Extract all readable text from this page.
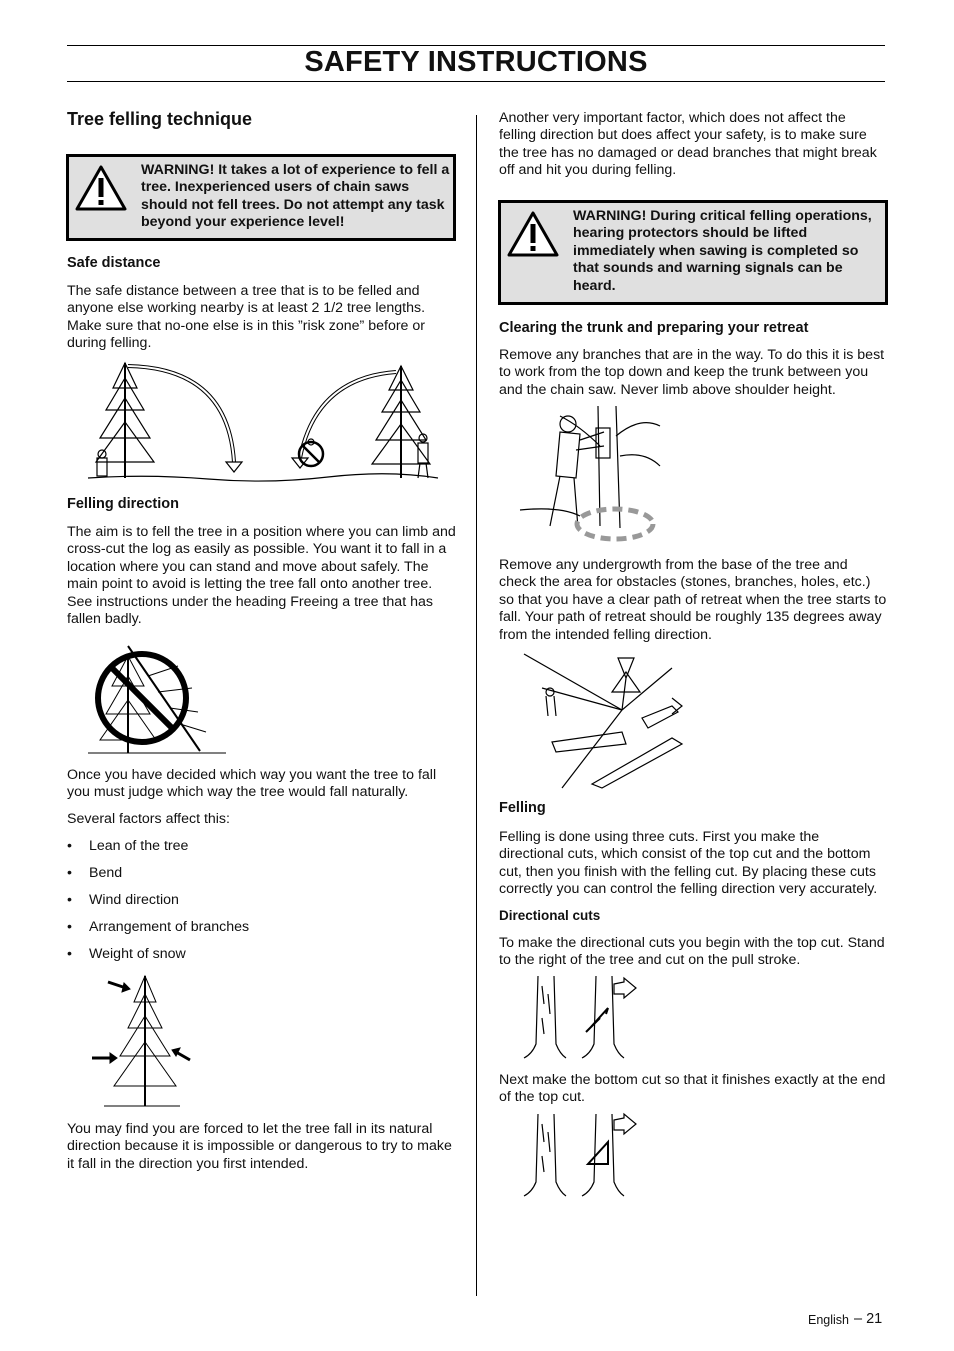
SAFETY INSTRUCTIONS
Tree felling technique
WARNING! It takes a lot of experience to fell a tree. Inexperienced users of chain saws should not fell trees. Do not attempt any task beyond your experience level!
Safe distance

The safe distance between a tree that is to be felled and anyone else working nearby is at least 2 1/2 tree lengths. Make sure that no-one else is in this ”risk zone” before or during felling.

Felling direction

The aim is to fell the tree in a position where you can limb and cross-cut the log as easily as possible. You want it to fall in a location where you can stand and move about safely. The main point to avoid is letting the tree fall onto another tree. See instructions under the heading Freeing a tree that has fallen badly.

Once you have decided which way you want the tree to fall you must judge which way the tree would fall naturally.

Several factors affect this:

• Lean of the tree
• Bend
• Wind direction
• Arrangement of branches
• Weight of snow

You may find you are forced to let the tree fall in its natural direction because it is impossible or dangerous to try to make it fall in the direction you first intended.

Another very important factor, which does not affect the felling direction but does affect your safety, is to make sure the tree has no damaged or dead branches that might break off and hit you during felling.

WARNING! During critical felling operations, hearing protectors should be lifted immediately when sawing is completed so that sounds and warning signals can be heard.
Clearing the trunk and preparing your retreat

Remove any branches that are in the way. To do this it is best to work from the top down and keep the trunk between you and the chain saw. Never limb above shoulder height.

Remove any undergrowth from the base of the tree and check the area for obstacles (stones, branches, holes, etc.) so that you have a clear path of retreat when the tree starts to fall. Your path of retreat should be roughly 135 degrees away from the intended felling direction.

Felling

Felling is done using three cuts. First you make the directional cuts, which consist of the top cut and the bottom cut, then you finish with the felling cut. By placing these cuts correctly you can control the felling direction very accurately.

Directional cuts

To make the directional cuts you begin with the top cut. Stand to the right of the tree and cut on the pull stroke.

Next make the bottom cut so that it finishes exactly at the end of the top cut.

English – 21
